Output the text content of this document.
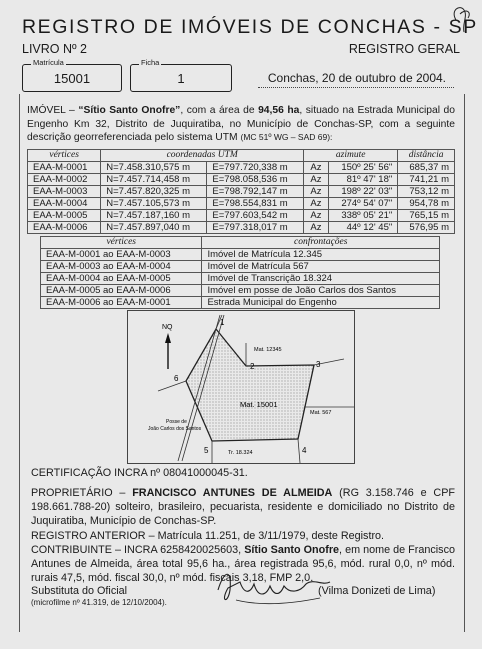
REGISTRO DE IMÓVEIS DE CONCHAS - SP
LIVRO Nº 2	REGISTRO GERAL
Matrícula
15001
Ficha
1	Conchas, 20 de outubro de 2004.
IMÓVEL – “Sítio Santo Onofre”, com a área de 94,56 ha, situado na Estrada Municipal do Engenho Km 32, Distrito de Juquiratiba, no Município de Conchas-SP, com a seguinte descrição georreferenciada pelo sistema UTM (MC 51º WG – SAD 69):
vértices	coordenadas UTM		azimute		distância
EAA-M-0001	N=7.458.310,575 m	E=797.720,338 m	Az	150º 25' 56"	685,37 m
EAA-M-0002	N=7.457.714,458 m	E=798.058,536 m	Az	81º 47' 18"	741,21 m
EAA-M-0003	N=7.457.820,325 m	E=798.792,147 m	Az	198º 22' 03"	753,12 m
EAA-M-0004	N=7.457.105,573 m	E=798.554,831 m	Az	274º 54' 07"	954,78 m
EAA-M-0005	N=7.457.187,160 m	E=797.603,542 m	Az	338º 05' 21"	765,15 m
EAA-M-0006	N=7.457.897,040 m	E=797.318,017 m	Az	44º 12' 45"	576,95 m
vértices	confrontações
EAA-M-0001 ao EAA-M-0003	Imóvel de Matrícula 12.345
EAA-M-0003 ao EAA-M-0004	Imóvel de Matrícula 567
EAA-M-0004 ao EAA-M-0005	Imóvel de Transcrição 18.324
EAA-M-0005 ao EAA-M-0006	Imóvel em posse de João Carlos dos Santos
EAA-M-0006 ao EAA-M-0001	Estrada Municipal do Engenho
NQ
Mat. 12345
Mat. 15001
Mat. 567
Tr. 18.324
Posse de
João Carlos dos Santos
1
2	3
4
5
6
CERTIFICAÇÃO INCRA nº 08041000045-31.
PROPRIETÁRIO – FRANCISCO ANTUNES DE ALMEIDA (RG 3.158.746 e CPF 198.661.788-20) solteiro, brasileiro, pecuarista, residente e domiciliado no Distrito de Juquiratiba, Município de Conchas-SP.
REGISTRO ANTERIOR – Matrícula 11.251, de 3/11/1979, deste Registro.
CONTRIBUINTE – INCRA 6258420025603, Sítio Santo Onofre, em nome de Francisco Antunes de Almeida, área total 95,6 ha., área registrada 95,6, mód. rural 0,0, nº mód. rurais 47,5, mód. fiscal 30,0, nº mód. fiscais 3,18, FMP 2,0.
Substituta do Oficial
(microfilme nº 41.319, de 12/10/2004).
(Vilma Donizeti de Lima)
